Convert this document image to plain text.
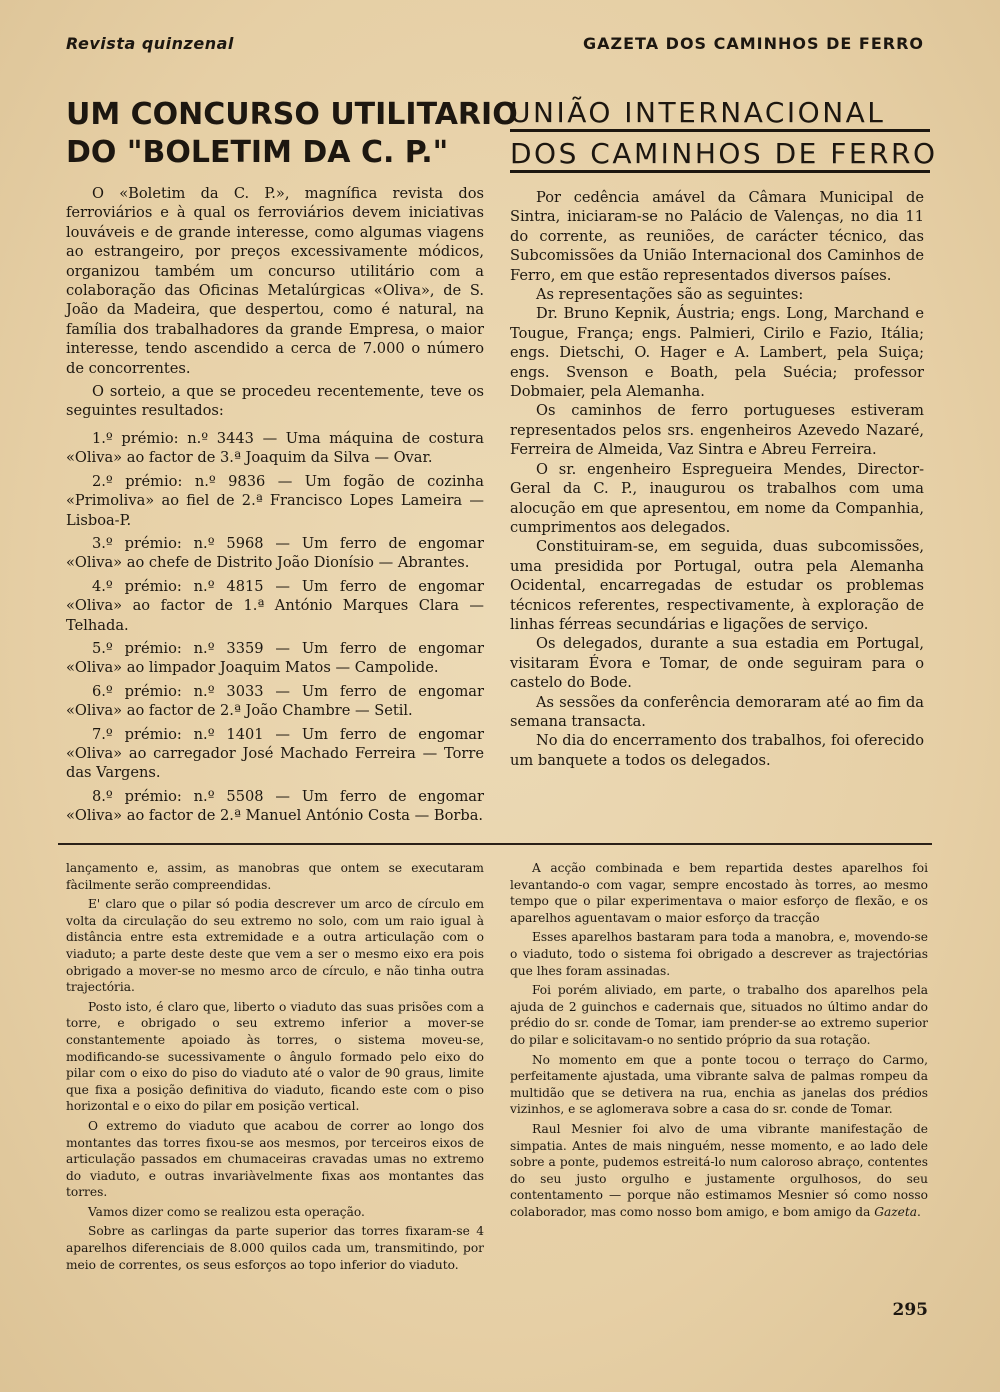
Revista quinzenal	GAZETA DOS CAMINHOS DE FERRO
UM CONCURSO UTILITARIO
DO "BOLETIM DA C. P."
UNIÃO INTERNACIONAL
DOS CAMINHOS DE FERRO

O «Boletim da C. P.», magnífica revista dos ferroviários e à qual os ferroviários devem iniciativas louváveis e de grande interesse, como algumas viagens ao estrangeiro, por preços excessivamente módicos, organizou também um concurso utilitário com a colaboração das Oficinas Metalúrgicas «Oliva», de S. João da Madeira, que despertou, como é natural, na família dos trabalhadores da grande Empresa, o maior interesse, tendo ascendido a cerca de 7.000 o número de concorrentes.

O sorteio, a que se procedeu recentemente, teve os seguintes resultados:

1.º prémio: n.º 3443 — Uma máquina de costura «Oliva» ao factor de 3.ª Joaquim da Silva — Ovar.

2.º prémio: n.º 9836 — Um fogão de cozinha «Primoliva» ao fiel de 2.ª Francisco Lopes Lameira — Lisboa-P.

3.º prémio: n.º 5968 — Um ferro de engomar «Oliva» ao chefe de Distrito João Dionísio — Abrantes.

4.º prémio: n.º 4815 — Um ferro de engomar «Oliva» ao factor de 1.ª António Marques Clara — Telhada.

5.º prémio: n.º 3359 — Um ferro de engomar «Oliva» ao limpador Joaquim Matos — Campolide.

6.º prémio: n.º 3033 — Um ferro de engomar «Oliva» ao factor de 2.ª João Chambre — Setil.

7.º prémio: n.º 1401 — Um ferro de engomar «Oliva» ao carregador José Machado Ferreira — Torre das Vargens.

8.º prémio: n.º 5508 — Um ferro de engomar «Oliva» ao factor de 2.ª Manuel António Costa — Borba.

Por cedência amável da Câmara Municipal de Sintra, iniciaram-se no Palácio de Valenças, no dia 11 do corrente, as reuniões, de carácter técnico, das Subcomissões da União Internacional dos Caminhos de Ferro, em que estão representados diversos países.

As representações são as seguintes:

Dr. Bruno Kepnik, Áustria; engs. Long, Marchand e Tougue, França; engs. Palmieri, Cirilo e Fazio, Itália; engs. Dietschi, O. Hager e A. Lambert, pela Suiça; engs. Svenson e Boath, pela Suécia; professor Dobmaier, pela Alemanha.

Os caminhos de ferro portugueses estiveram representados pelos srs. engenheiros Azevedo Nazaré, Ferreira de Almeida, Vaz Sintra e Abreu Ferreira.

O sr. engenheiro Espregueira Mendes, Director-Geral da C. P., inaugurou os trabalhos com uma alocução em que apresentou, em nome da Companhia, cumprimentos aos delegados.

Constituiram-se, em seguida, duas subcomissões, uma presidida por Portugal, outra pela Alemanha Ocidental, encarregadas de estudar os problemas técnicos referentes, respectivamente, à exploração de linhas férreas secundárias e ligações de serviço.

Os delegados, durante a sua estadia em Portugal, visitaram Évora e Tomar, de onde seguiram para o castelo do Bode.

As sessões da conferência demoraram até ao fim da semana transacta.

No dia do encerramento dos trabalhos, foi oferecido um banquete a todos os delegados.

lançamento e, assim, as manobras que ontem se executaram fàcilmente serão compreendidas.

E' claro que o pilar só podia descrever um arco de círculo em volta da circulação do seu extremo no solo, com um raio igual à distância entre esta extremidade e a outra articulação com o viaduto; a parte deste deste que vem a ser o mesmo eixo era pois obrigado a mover-se no mesmo arco de círculo, e não tinha outra trajectória.

Posto isto, é claro que, liberto o viaduto das suas prisões com a torre, e obrigado o seu extremo inferior a mover-se constantemente apoiado às torres, o sistema moveu-se, modificando-se sucessivamente o ângulo formado pelo eixo do pilar com o eixo do piso do viaduto até o valor de 90 graus, limite que fixa a posição definitiva do viaduto, ficando este com o piso horizontal e o eixo do pilar em posição vertical.

O extremo do viaduto que acabou de correr ao longo dos montantes das torres fixou-se aos mesmos, por terceiros eixos de articulação passados em chumaceiras cravadas umas no extremo do viaduto, e outras invariàvelmente fixas aos montantes das torres.

Vamos dizer como se realizou esta operação.

Sobre as carlingas da parte superior das torres fixaram-se 4 aparelhos diferenciais de 8.000 quilos cada um, transmitindo, por meio de correntes, os seus esforços ao topo inferior do viaduto.

A acção combinada e bem repartida destes aparelhos foi levantando-o com vagar, sempre encostado às torres, ao mesmo tempo que o pilar experimentava o maior esforço de flexão, e os aparelhos aguentavam o maior esforço da tracção

Esses aparelhos bastaram para toda a manobra, e, movendo-se o viaduto, todo o sistema foi obrigado a descrever as trajectórias que lhes foram assinadas.

Foi porém aliviado, em parte, o trabalho dos aparelhos pela ajuda de 2 guinchos e cadernais que, situados no último andar do prédio do sr. conde de Tomar, iam prender-se ao extremo superior do pilar e solicitavam-o no sentido próprio da sua rotação.

No momento em que a ponte tocou o terraço do Carmo, perfeitamente ajustada, uma vibrante salva de palmas rompeu da multidão que se detivera na rua, enchia as janelas dos prédios vizinhos, e se aglomerava sobre a casa do sr. conde de Tomar.

Raul Mesnier foi alvo de uma vibrante manifestação de simpatia. Antes de mais ninguém, nesse momento, e ao lado dele sobre a ponte, pudemos estreitá-lo num caloroso abraço, contentes do seu justo orgulho e justamente orgulhosos, do seu contentamento — porque não estimamos Mesnier só como nosso colaborador, mas como nosso bom amigo, e bom amigo da Gazeta.

295
